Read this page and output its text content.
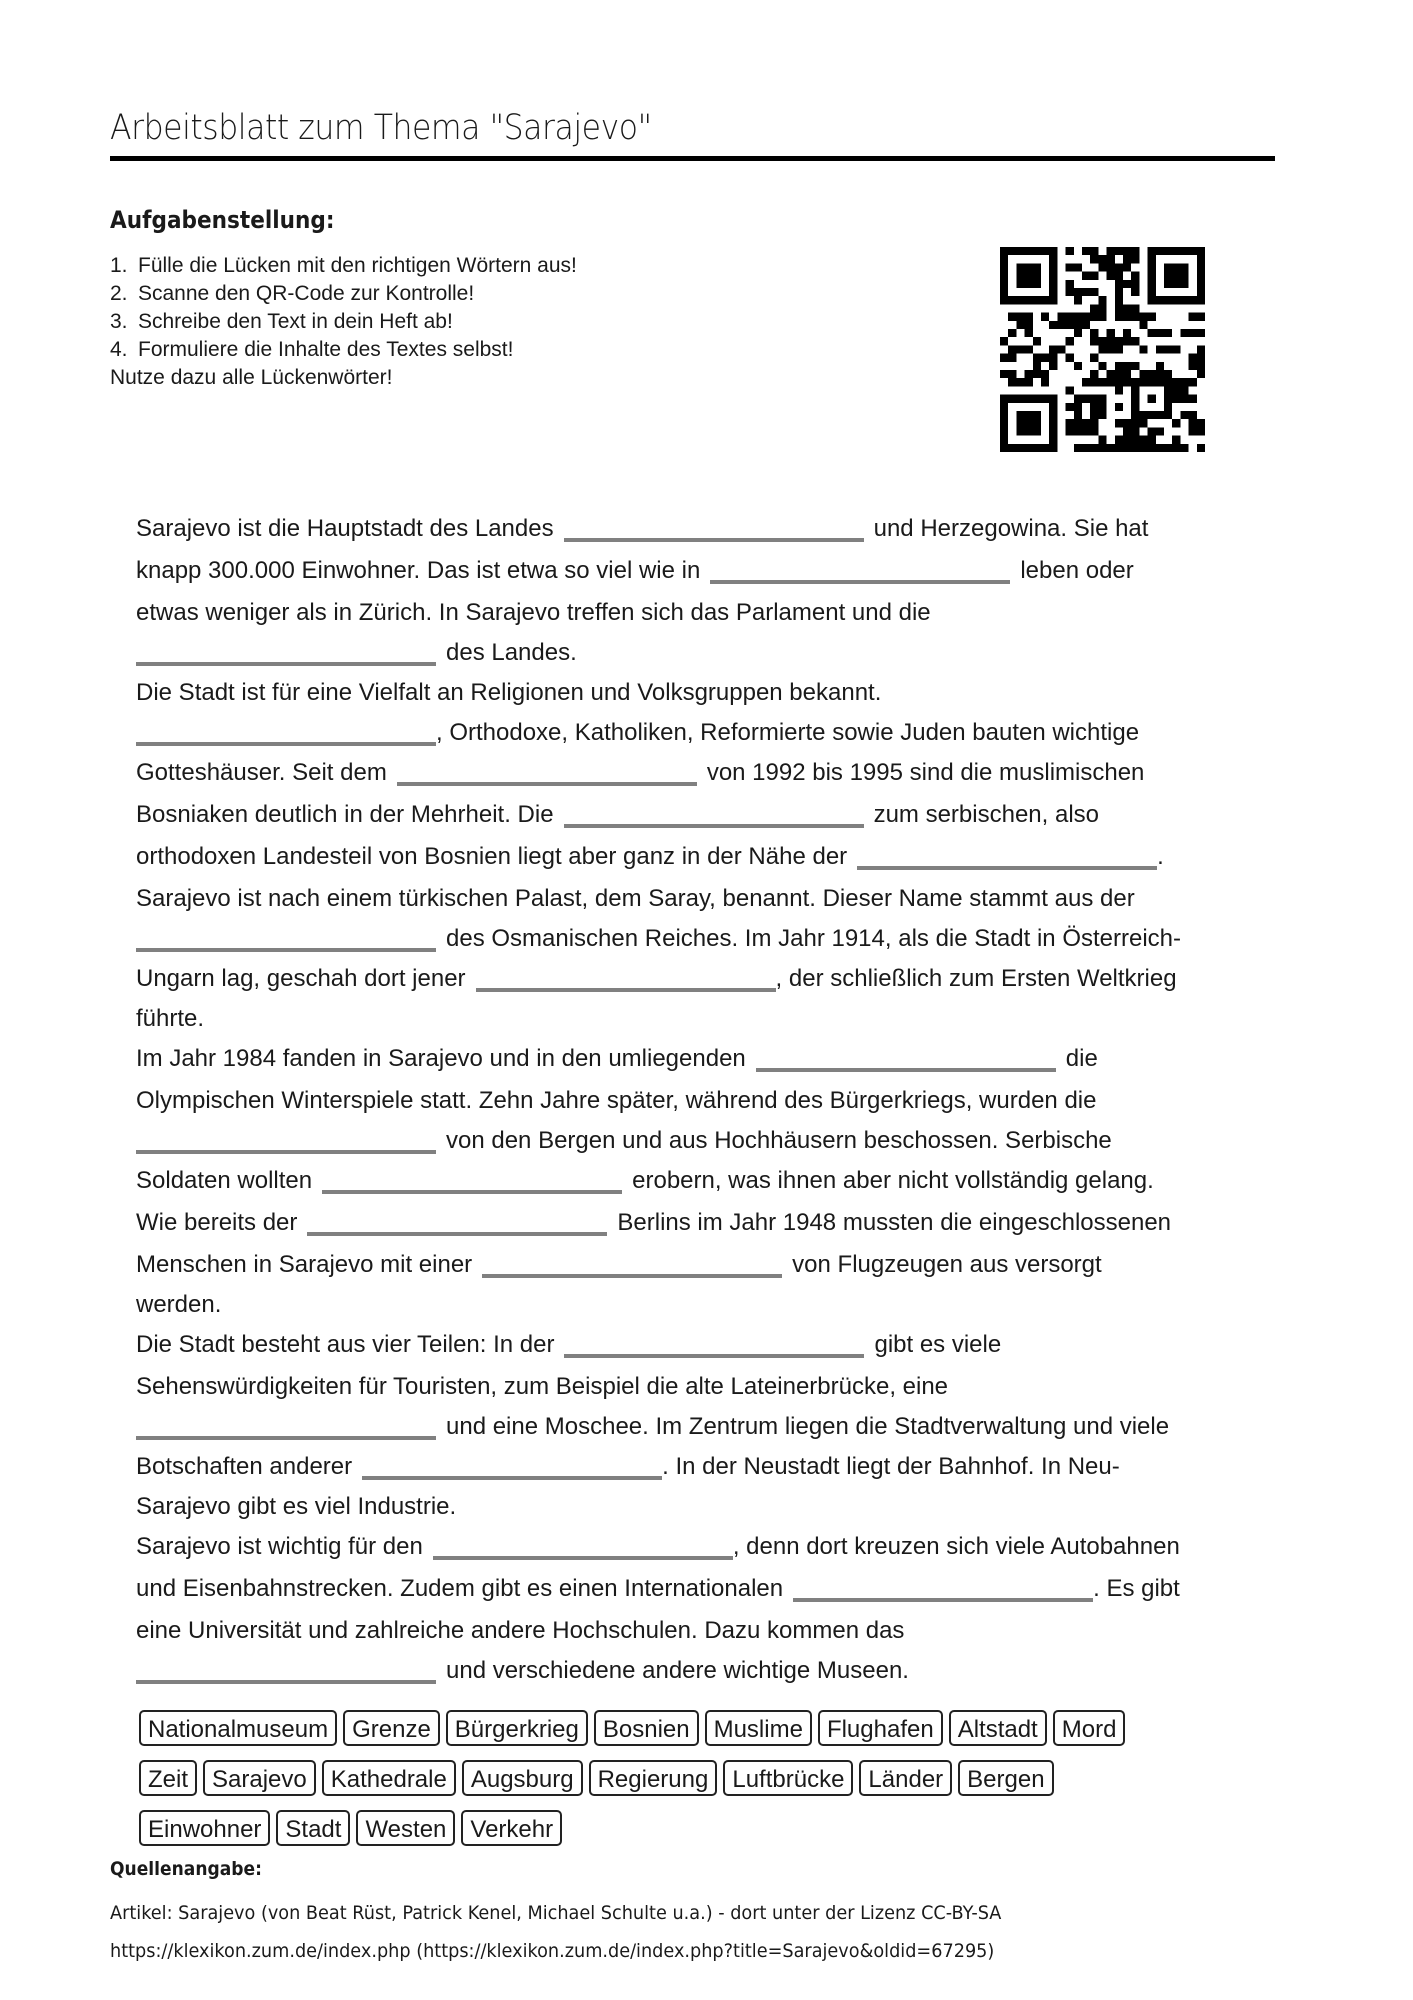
Arbeitsblatt zum Thema "Sarajevo"
Aufgabenstellung:
1. Fülle die Lücken mit den richtigen Wörtern aus!
2. Scanne den QR-Code zur Kontrolle!
3. Schreibe den Text in dein Heft ab!
4. Formuliere die Inhalte des Textes selbst!
Nutze dazu alle Lückenwörter!
Sarajevo ist die Hauptstadt des Landes	und Herzegowina. Sie hat
knapp 300.000 Einwohner. Das ist etwa so viel wie in	leben oder
etwas weniger als in Zürich. In Sarajevo treffen sich das Parlament und die
des Landes.
Die Stadt ist für eine Vielfalt an Religionen und Volksgruppen bekannt.
, Orthodoxe, Katholiken, Reformierte sowie Juden bauten wichtige
Gotteshäuser. Seit dem	von 1992 bis 1995 sind die muslimischen
Bosniaken deutlich in der Mehrheit. Die	zum serbischen, also
orthodoxen Landesteil von Bosnien liegt aber ganz in der Nähe der	.
Sarajevo ist nach einem türkischen Palast, dem Saray, benannt. Dieser Name stammt aus der
des Osmanischen Reiches. Im Jahr 1914, als die Stadt in Österreich-
Ungarn lag, geschah dort jener	, der schließlich zum Ersten Weltkrieg
führte.
Im Jahr 1984 fanden in Sarajevo und in den umliegenden	die
Olympischen Winterspiele statt. Zehn Jahre später, während des Bürgerkriegs, wurden die
von den Bergen und aus Hochhäusern beschossen. Serbische
Soldaten wollten	erobern, was ihnen aber nicht vollständig gelang.
Wie bereits der	Berlins im Jahr 1948 mussten die eingeschlossenen
Menschen in Sarajevo mit einer	von Flugzeugen aus versorgt
werden.
Die Stadt besteht aus vier Teilen: In der	gibt es viele
Sehenswürdigkeiten für Touristen, zum Beispiel die alte Lateinerbrücke, eine
und eine Moschee. Im Zentrum liegen die Stadtverwaltung und viele
Botschaften anderer	. In der Neustadt liegt der Bahnhof. In Neu-
Sarajevo gibt es viel Industrie.
Sarajevo ist wichtig für den	, denn dort kreuzen sich viele Autobahnen
und Eisenbahnstrecken. Zudem gibt es einen Internationalen	. Es gibt
eine Universität und zahlreiche andere Hochschulen. Dazu kommen das
und verschiedene andere wichtige Museen.
Nationalmuseum Grenze Bürgerkrieg Bosnien Muslime Flughafen Altstadt Mord
Zeit Sarajevo Kathedrale Augsburg Regierung Luftbrücke Länder Bergen
Einwohner Stadt Westen Verkehr
Quellenangabe:
Artikel: Sarajevo (von Beat Rüst, Patrick Kenel, Michael Schulte u.a.) - dort unter der Lizenz CC-BY-SA
https://klexikon.zum.de/index.php (https://klexikon.zum.de/index.php?title=Sarajevo&oldid=67295)
